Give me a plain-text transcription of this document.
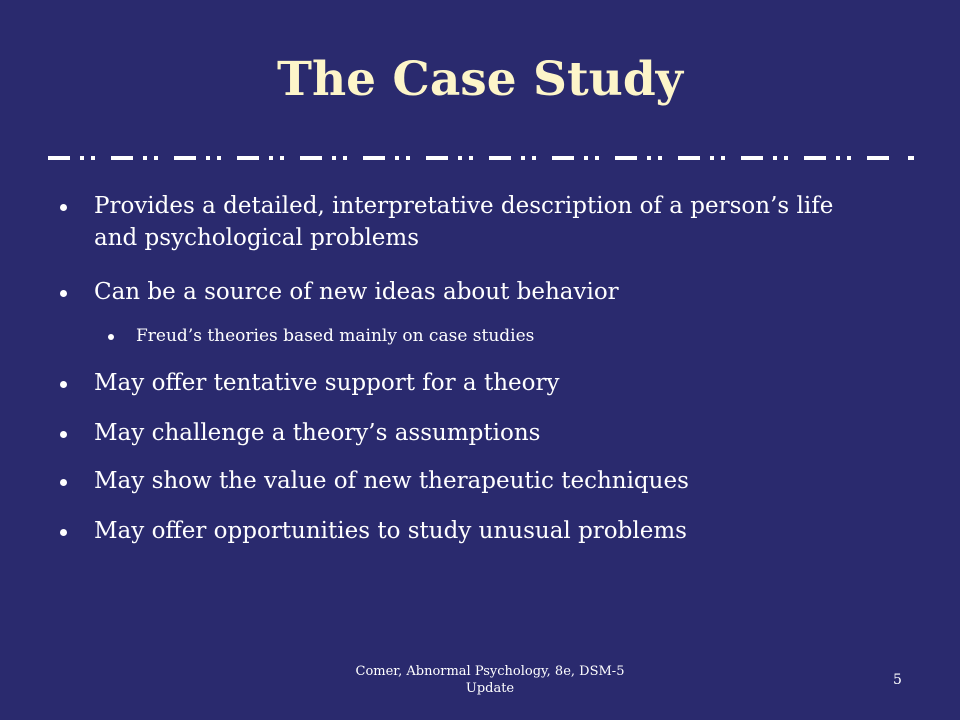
The Case Study
Provides a detailed, interpretative description of a person’s life and psychological problems
Can be a source of new ideas about behavior
Freud’s theories based mainly on case studies
May offer tentative support for a theory
May challenge a theory’s assumptions
May show the value of new therapeutic techniques
May offer opportunities to study unusual problems
Comer, Abnormal Psychology, 8e, DSM-5 Update
5
